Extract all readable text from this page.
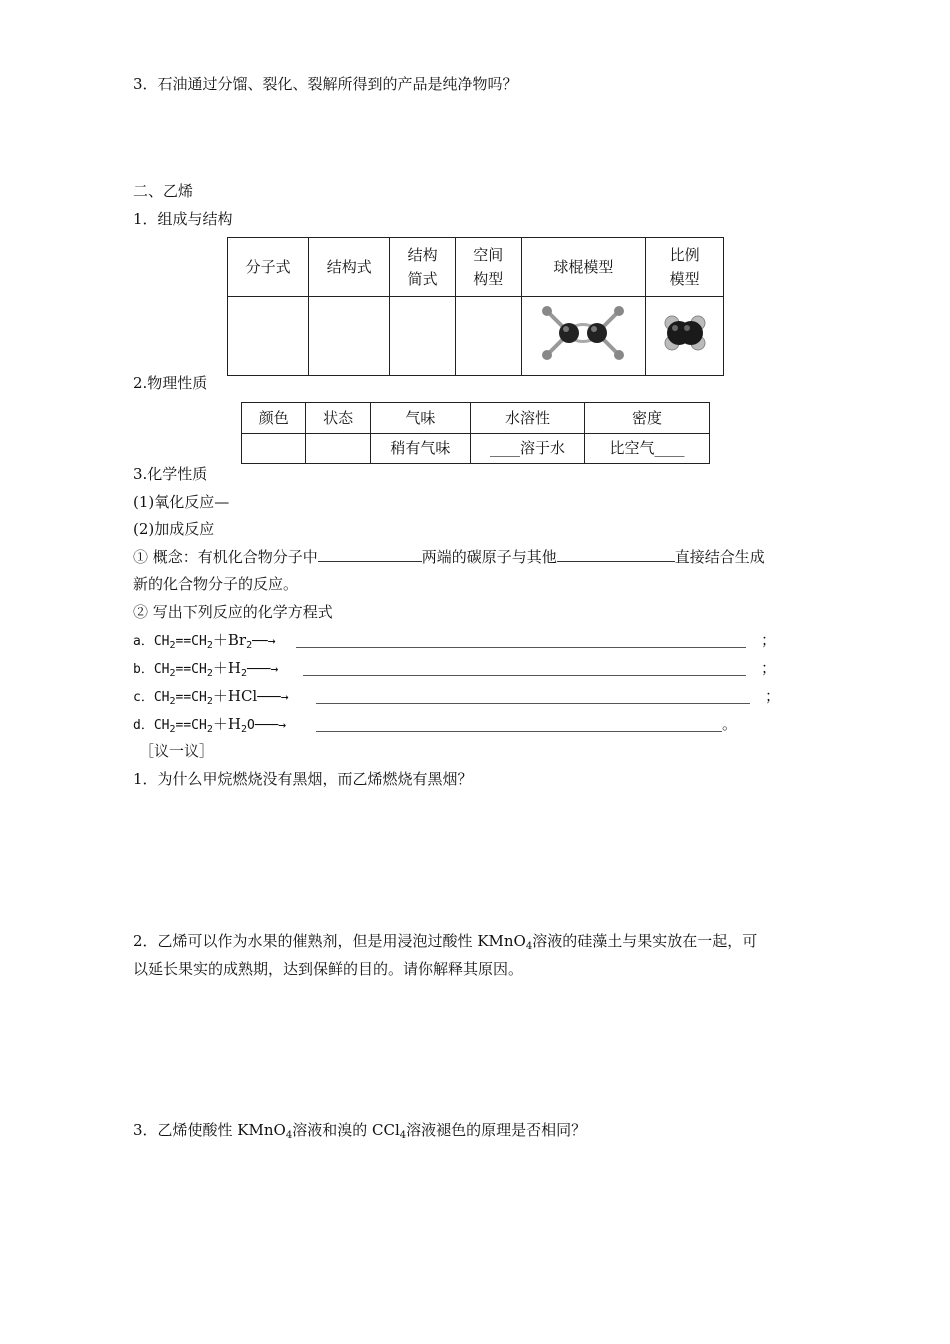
3．石油通过分馏、裂化、裂解所得到的产品是纯净物吗？
二、乙烯
1．组成与结构
分子式	结构式	结构简式	空间构型	球棍模型	比例模型

2.物理性质
颜色	状态	气味	水溶性	密度
		稍有气味	____溶于水	比空气____
3.化学性质
(1)氧化反应—
(2)加成反应
① 概念：有机化合物分子中	两端的碳原子与其他	直接结合生成
新的化合物分子的反应。
② 写出下列反应的化学方程式
a．$CH_2==CH_2+Br_2──\to$	；
b．$CH_2==CH_2+H_2───\to$	；
c．$CH_2==CH_2+HCl───\to$	；
d．$CH_2==CH_2+H_2O───\to$	。
［议一议］
1．为什么甲烷燃烧没有黑烟，而乙烯燃烧有黑烟？
2．乙烯可以作为水果的催熟剂，但是用浸泡过酸性 KMnO$_4$溶液的硅藻土与果实放在一起，可
以延长果实的成熟期，达到保鲜的目的。请你解释其原因。
3．乙烯使酸性 KMnO$_4$溶液和溴的 CCl$_4$溶液褪色的原理是否相同？
